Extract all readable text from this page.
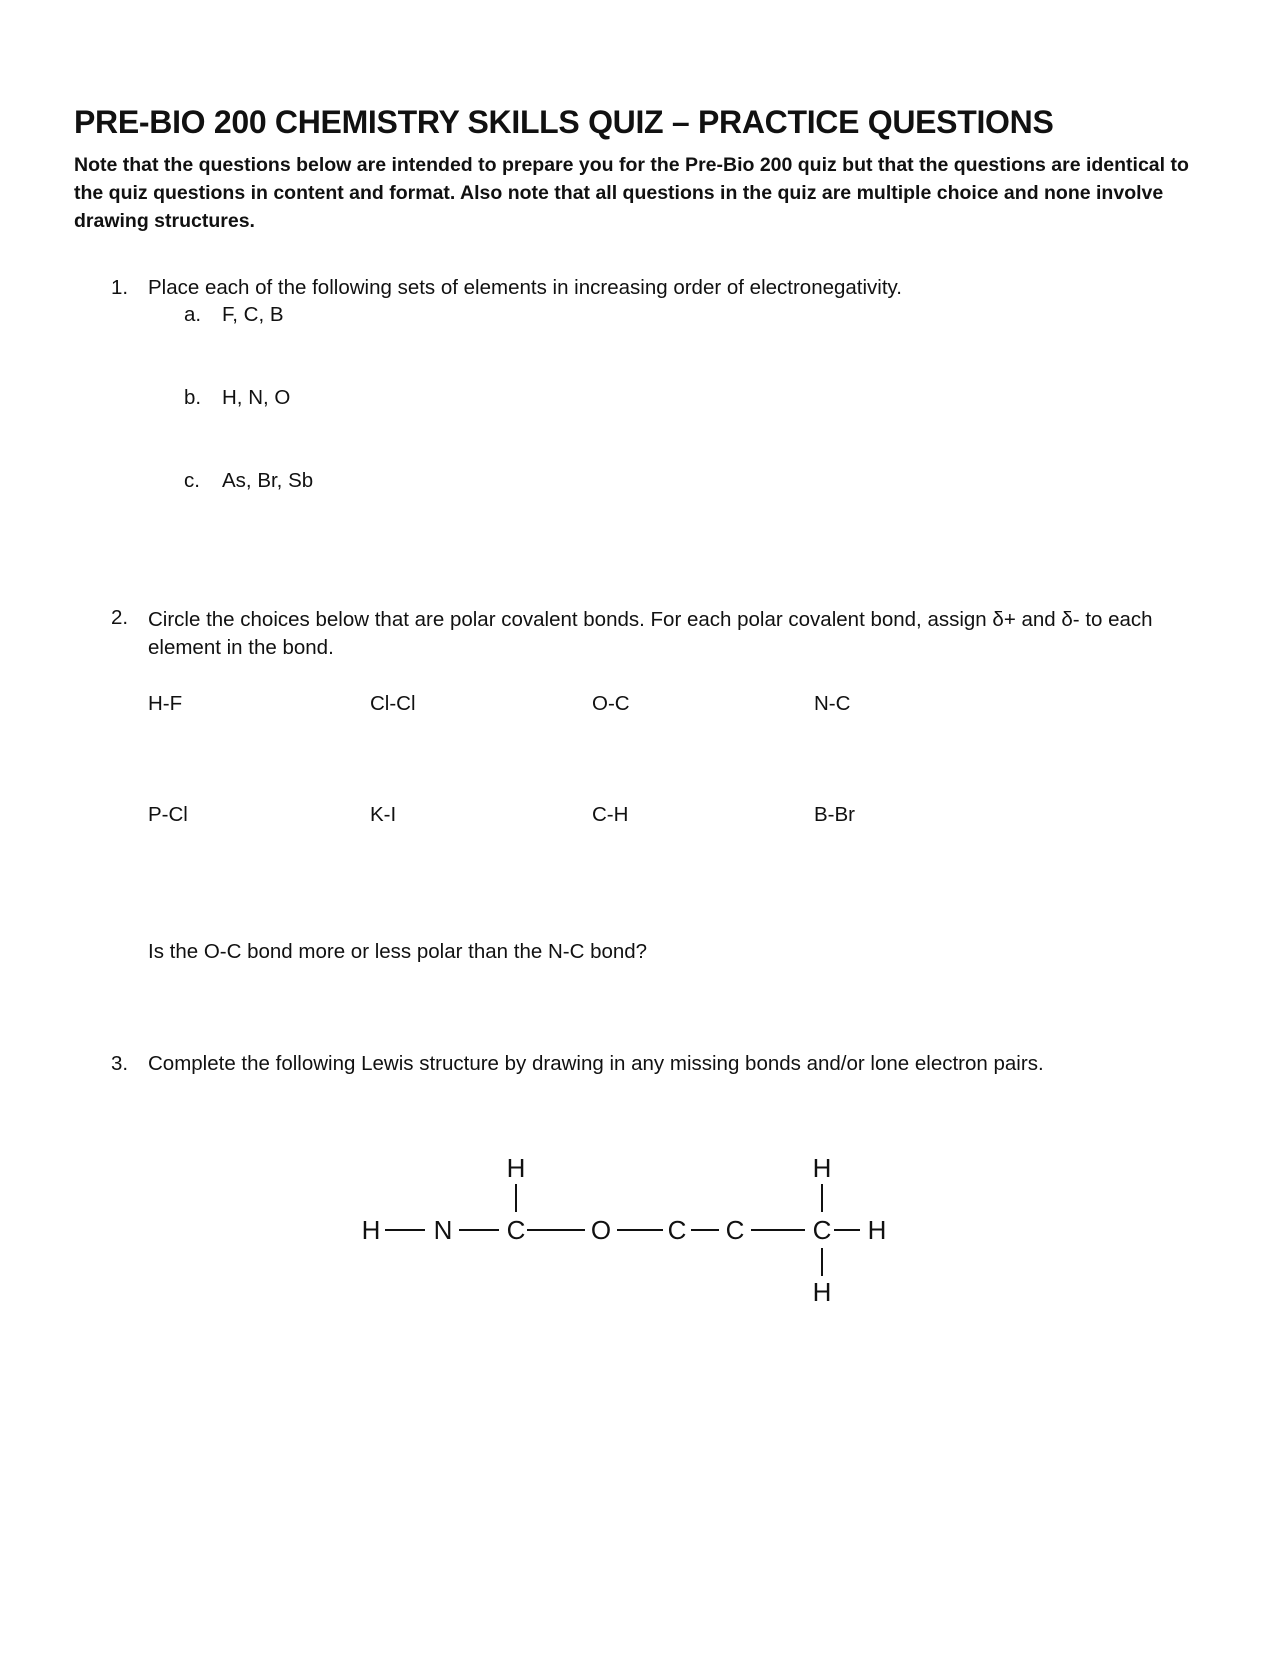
PRE-BIO 200 CHEMISTRY SKILLS QUIZ – PRACTICE QUESTIONS
Note that the questions below are intended to prepare you for the Pre-Bio 200 quiz but that the questions are identical to the quiz questions in content and format. Also note that all questions in the quiz are multiple choice and none involve drawing structures.
1. Place each of the following sets of elements in increasing order of electronegativity.
a. F, C, B
b. H, N, O
c. As, Br, Sb
2. Circle the choices below that are polar covalent bonds. For each polar covalent bond, assign δ+ and δ- to each element in the bond.
H-F	Cl-Cl	O-C	N-C
P-Cl	K-I	C-H	B-Br
Is the O-C bond more or less polar than the N-C bond?
3. Complete the following Lewis structure by drawing in any missing bonds and/or lone electron pairs.
H N C	O C C	C H
H	H
H
